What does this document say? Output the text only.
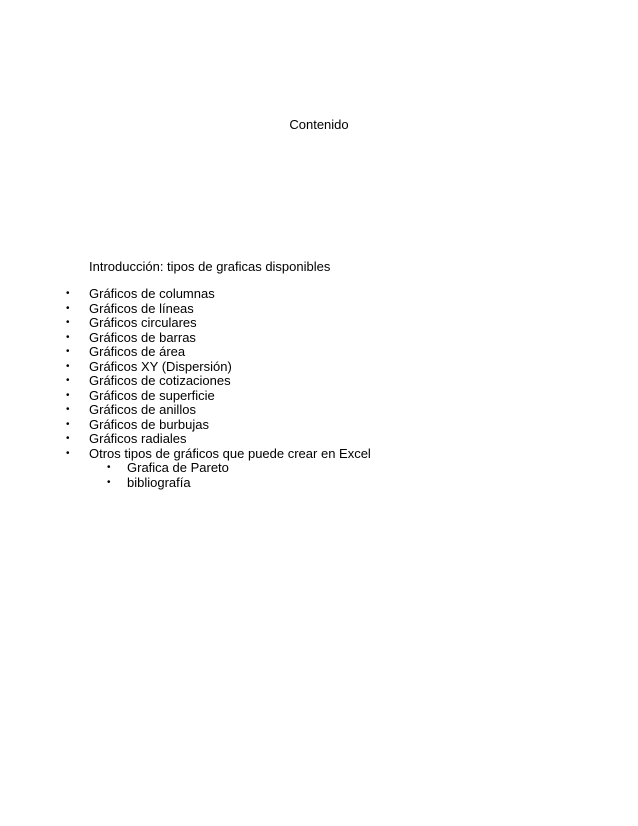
Contenido
Introducción: tipos de graficas disponibles
• Gráficos de columnas
• Gráficos de líneas
• Gráficos circulares
• Gráficos de barras
• Gráficos de área
• Gráficos XY (Dispersión)
• Gráficos de cotizaciones
• Gráficos de superficie
• Gráficos de anillos
• Gráficos de burbujas
• Gráficos radiales
• Otros tipos de gráficos que puede crear en Excel
• Grafica de Pareto
• bibliografía
